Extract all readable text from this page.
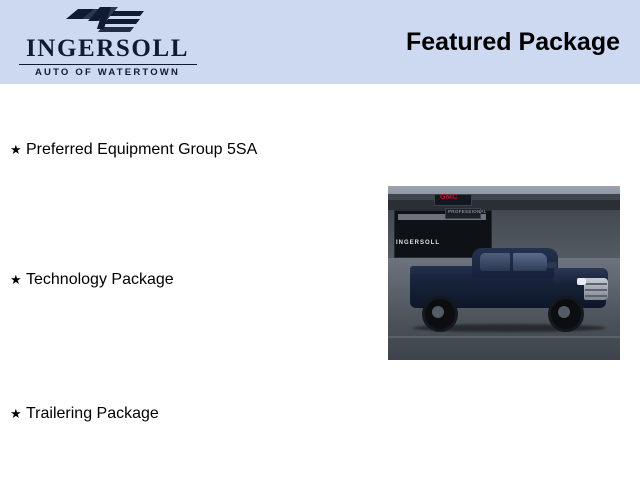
INGERSOLL
AUTO OF WATERTOWN
Featured Package
★ Preferred Equipment Group 5SA
★ Technology Package
★ Trailering Package
GMC
PROFESSIONAL
INGERSOLL
